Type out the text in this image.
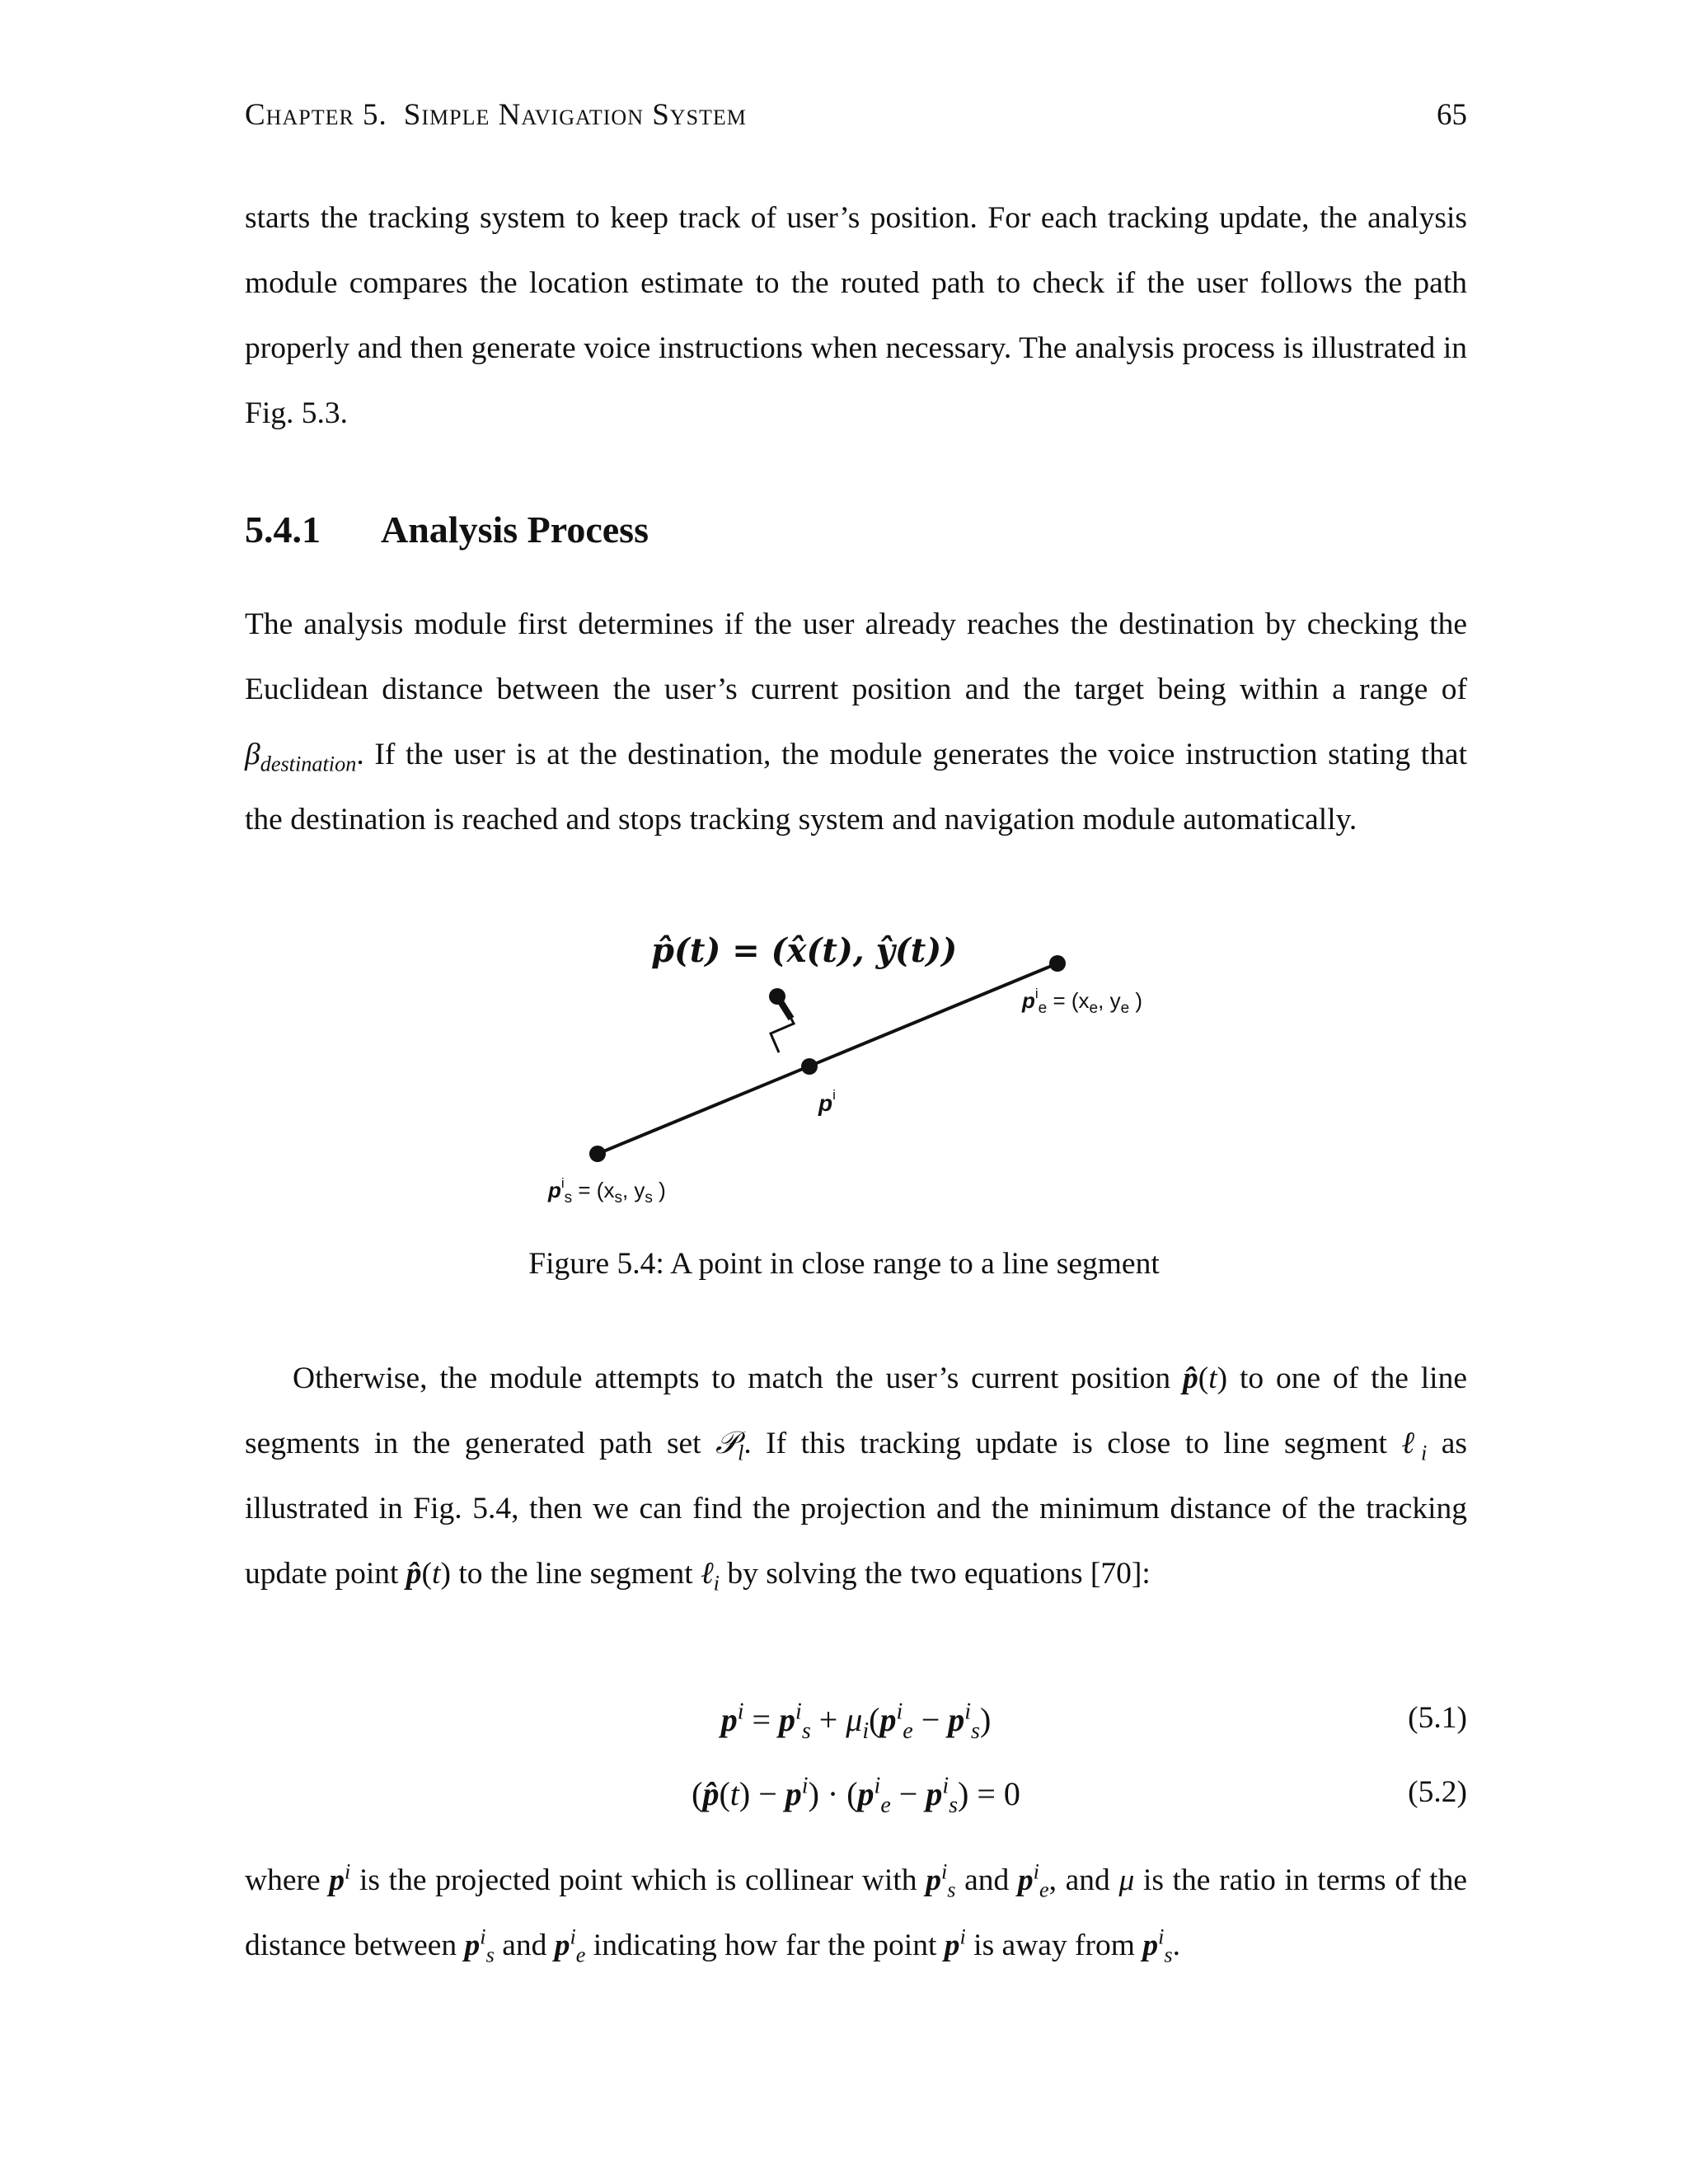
Chapter 5. Simple Navigation System	65

starts the tracking system to keep track of user’s position. For each tracking update, the analysis module compares the location estimate to the routed path to check if the user follows the path properly and then generate voice instructions when necessary. The analysis process is illustrated in Fig. 5.3.

5.4.1 Analysis Process

The analysis module first determines if the user already reaches the destination by checking the Euclidean distance between the user’s current position and the target being within a range of $\beta_{destination}$. If the user is at the destination, the module generates the voice instruction stating that the destination is reached and stops tracking system and navigation module automatically.

p̂(t) = (x̂(t), ŷ(t))
$p^i_e = (x_e$, $y_e$ )
$p^i$
$p^i_s = (x_s$, $y_s$ )
Figure 5.4: A point in close range to a line segment

Otherwise, the module attempts to match the user’s current position p̂(t) to one of the line segments in the generated path set 𝒫$_l$. If this tracking update is close to line segment ℓ$_i$ as illustrated in Fig. 5.4, then we can find the projection and the minimum distance of the tracking update point p̂(t) to the line segment ℓ$_i$ by solving the two equations [70]:

$p^i = p^i_s + \mu_i(p^i_e - p^i_s)$	(5.1)
(p̂(t) − $p^i) \cdot (p^i_e - p^i_s) = 0$	(5.2)

where $p^i$ is the projected point which is collinear with $p^i_s$ and $p^i_e$, and μ is the ratio in terms of the distance between $p^i_s$ and $p^i_e$ indicating how far the point $p^i$ is away from $p^i_s$.
